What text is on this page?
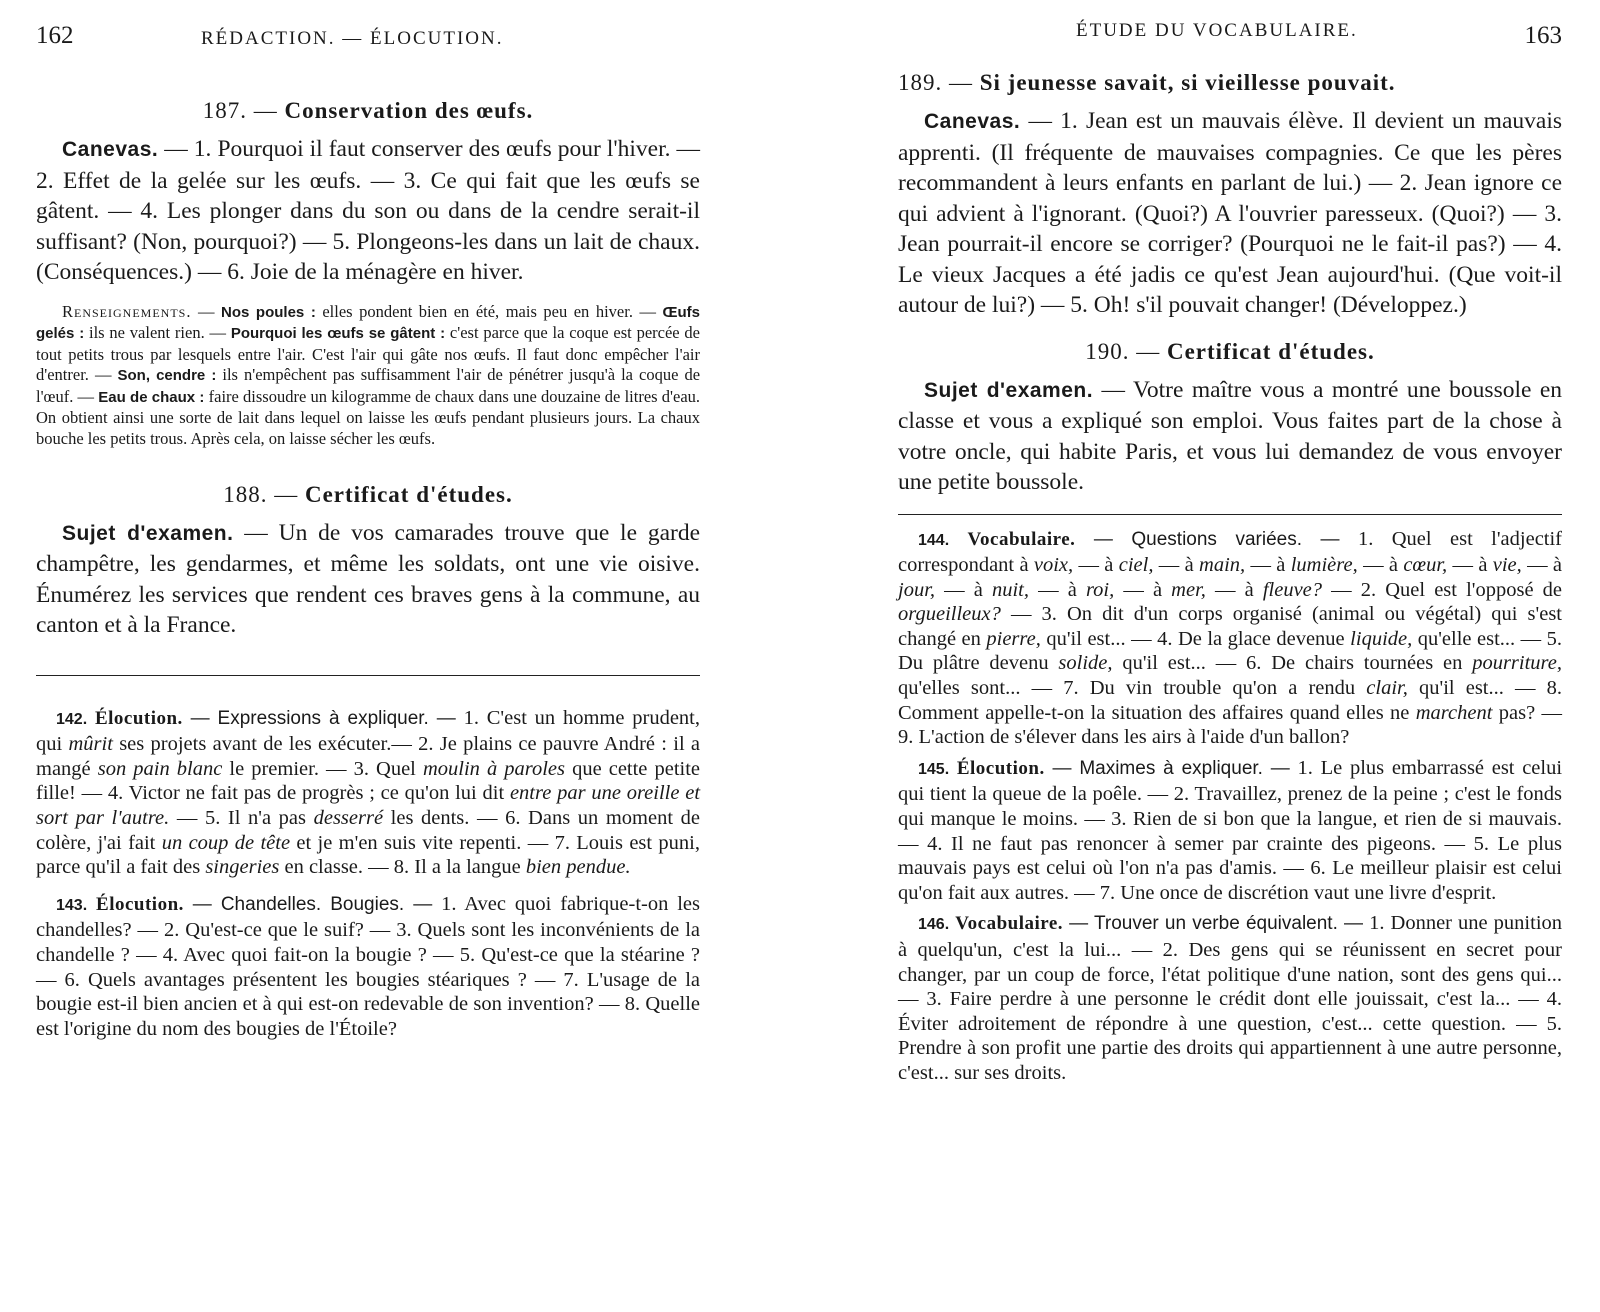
162	RÉDACTION. — ÉLOCUTION.
187. — Conservation des œufs.

Canevas. — 1. Pourquoi il faut conserver des œufs pour l'hiver. — 2. Effet de la gelée sur les œufs. — 3. Ce qui fait que les œufs se gâtent. — 4. Les plonger dans du son ou dans de la cendre serait-il suffisant? (Non, pourquoi?) — 5. Plongeons-les dans un lait de chaux. (Conséquences.) — 6. Joie de la ménagère en hiver.

Renseignements. — Nos poules : elles pondent bien en été, mais peu en hiver. — Œufs gelés : ils ne valent rien. — Pourquoi les œufs se gâtent : c'est parce que la coque est percée de tout petits trous par lesquels entre l'air. C'est l'air qui gâte nos œufs. Il faut donc empêcher l'air d'entrer. — Son, cendre : ils n'empêchent pas suffisamment l'air de pénétrer jusqu'à la coque de l'œuf. — Eau de chaux : faire dissoudre un kilogramme de chaux dans une douzaine de litres d'eau. On obtient ainsi une sorte de lait dans lequel on laisse les œufs pendant plusieurs jours. La chaux bouche les petits trous. Après cela, on laisse sécher les œufs.

188. — Certificat d'études.

Sujet d'examen. — Un de vos camarades trouve que le garde champêtre, les gendarmes, et même les soldats, ont une vie oisive. Énumérez les services que rendent ces braves gens à la commune, au canton et à la France.

142. Élocution. — Expressions à expliquer. — 1. C'est un homme prudent, qui mûrit ses projets avant de les exécuter.— 2. Je plains ce pauvre André : il a mangé son pain blanc le premier. — 3. Quel moulin à paroles que cette petite fille! — 4. Victor ne fait pas de progrès ; ce qu'on lui dit entre par une oreille et sort par l'autre. — 5. Il n'a pas desserré les dents. — 6. Dans un moment de colère, j'ai fait un coup de tête et je m'en suis vite repenti. — 7. Louis est puni, parce qu'il a fait des singeries en classe. — 8. Il a la langue bien pendue.

143. Élocution. — Chandelles. Bougies. — 1. Avec quoi fabrique-t-on les chandelles? — 2. Qu'est-ce que le suif? — 3. Quels sont les inconvénients de la chandelle ? — 4. Avec quoi fait-on la bougie ? — 5. Qu'est-ce que la stéarine ? — 6. Quels avantages présentent les bougies stéariques ? — 7. L'usage de la bougie est-il bien ancien et à qui est-on redevable de son invention? — 8. Quelle est l'origine du nom des bougies de l'Étoile?

ÉTUDE DU VOCABULAIRE.	163
189. — Si jeunesse savait, si vieillesse pouvait.

Canevas. — 1. Jean est un mauvais élève. Il devient un mauvais apprenti. (Il fréquente de mauvaises compagnies. Ce que les pères recommandent à leurs enfants en parlant de lui.) — 2. Jean ignore ce qui advient à l'ignorant. (Quoi?) A l'ouvrier paresseux. (Quoi?) — 3. Jean pourrait-il encore se corriger? (Pourquoi ne le fait-il pas?) — 4. Le vieux Jacques a été jadis ce qu'est Jean aujourd'hui. (Que voit-il autour de lui?) — 5. Oh! s'il pouvait changer! (Développez.)

190. — Certificat d'études.

Sujet d'examen. — Votre maître vous a montré une boussole en classe et vous a expliqué son emploi. Vous faites part de la chose à votre oncle, qui habite Paris, et vous lui demandez de vous envoyer une petite boussole.

144. Vocabulaire. — Questions variées. — 1. Quel est l'adjectif correspondant à voix, — à ciel, — à main, — à lumière, — à cœur, — à vie, — à jour, — à nuit, — à roi, — à mer, — à fleuve? — 2. Quel est l'opposé de orgueilleux? — 3. On dit d'un corps organisé (animal ou végétal) qui s'est changé en pierre, qu'il est... — 4. De la glace devenue liquide, qu'elle est... — 5. Du plâtre devenu solide, qu'il est... — 6. De chairs tournées en pourriture, qu'elles sont... — 7. Du vin trouble qu'on a rendu clair, qu'il est... — 8. Comment appelle-t-on la situation des affaires quand elles ne marchent pas? — 9. L'action de s'élever dans les airs à l'aide d'un ballon?

145. Élocution. — Maximes à expliquer. — 1. Le plus embarrassé est celui qui tient la queue de la poêle. — 2. Travaillez, prenez de la peine ; c'est le fonds qui manque le moins. — 3. Rien de si bon que la langue, et rien de si mauvais. — 4. Il ne faut pas renoncer à semer par crainte des pigeons. — 5. Le plus mauvais pays est celui où l'on n'a pas d'amis. — 6. Le meilleur plaisir est celui qu'on fait aux autres. — 7. Une once de discrétion vaut une livre d'esprit.

146. Vocabulaire. — Trouver un verbe équivalent. — 1. Donner une punition à quelqu'un, c'est la lui... — 2. Des gens qui se réunissent en secret pour changer, par un coup de force, l'état politique d'une nation, sont des gens qui... — 3. Faire perdre à une personne le crédit dont elle jouissait, c'est la... — 4. Éviter adroitement de répondre à une question, c'est... cette question. — 5. Prendre à son profit une partie des droits qui appartiennent à une autre personne, c'est... sur ses droits.
